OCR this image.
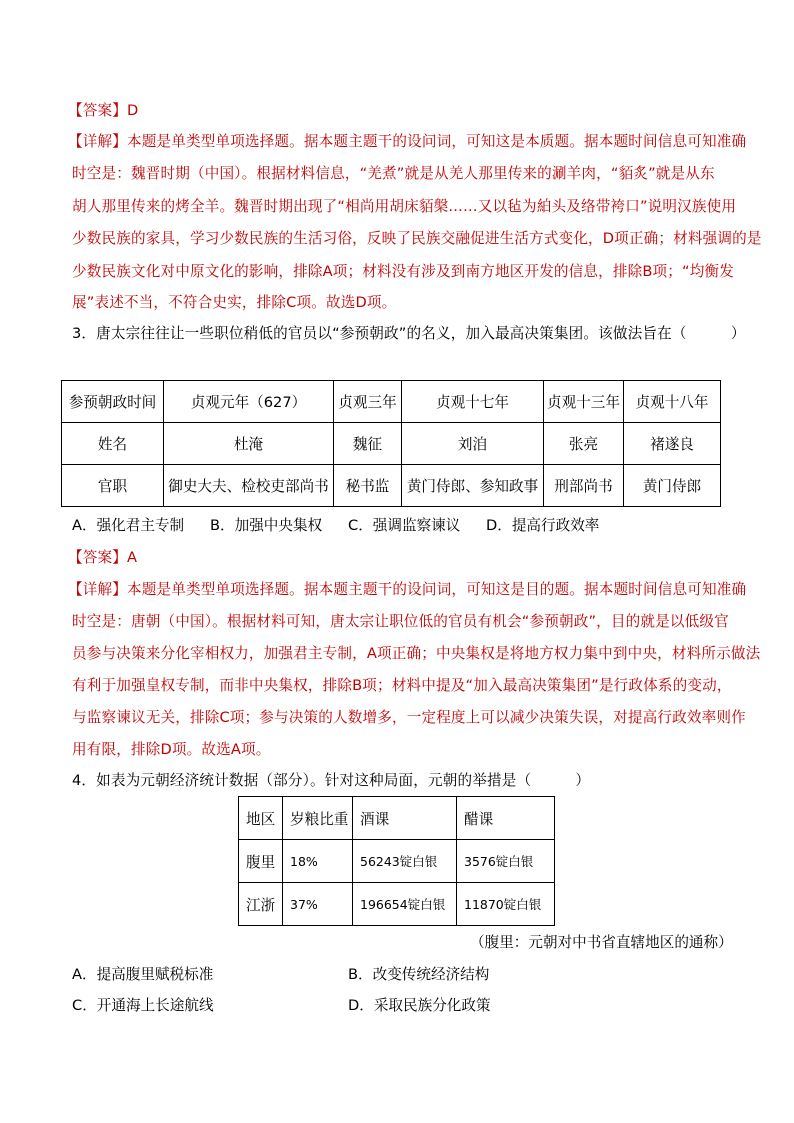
【答案】D
【详解】本题是单类型单项选择题。据本题主题干的设问词，可知这是本质题。据本题时间信息可知准确
时空是：魏晋时期（中国）。根据材料信息，“羌煮”就是从羌人那里传来的涮羊肉，“貊炙”就是从东
胡人那里传来的烤全羊。魏晋时期出现了“相尚用胡床貊槃……又以毡为絈头及络带袴口”说明汉族使用
少数民族的家具，学习少数民族的生活习俗，反映了民族交融促进生活方式变化，D项正确；材料强调的是
少数民族文化对中原文化的影响，排除A项；材料没有涉及到南方地区开发的信息，排除B项；“均衡发
展”表述不当，不符合史实，排除C项。故选D项。
3．唐太宗往往让一些职位稍低的官员以“参预朝政”的名义，加入最高决策集团。该做法旨在（　　　）
参预朝政时间	贞观元年（627）	贞观三年	贞观十七年	贞观十三年	贞观十八年
姓名	杜淹	魏征	刘洎	张亮	褚遂良
官职	御史大夫、检校吏部尚书	秘书监	黄门侍郎、参知政事	刑部尚书	黄门侍郎
A．强化君主专制 B．加强中央集权 C．强调监察谏议 D．提高行政效率
【答案】A
【详解】本题是单类型单项选择题。据本题主题干的设问词，可知这是目的题。据本题时间信息可知准确
时空是：唐朝（中国）。根据材料可知，唐太宗让职位低的官员有机会“参预朝政”，目的就是以低级官
员参与决策来分化宰相权力，加强君主专制，A项正确；中央集权是将地方权力集中到中央，材料所示做法
有利于加强皇权专制，而非中央集权，排除B项；材料中提及“加入最高决策集团”是行政体系的变动，
与监察谏议无关，排除C项；参与决策的人数增多，一定程度上可以减少决策失误，对提高行政效率则作
用有限，排除D项。故选A项。
4．如表为元朝经济统计数据（部分）。针对这种局面，元朝的举措是（　　　）
地区	岁粮比重	酒课	醋课
腹里	18%	56243锭白银	3576锭白银
江浙	37%	196654锭白银	11870锭白银
（腹里：元朝对中书省直辖地区的通称）
A．提高腹里赋税标准	B．改变传统经济结构
C．开通海上长途航线	D．采取民族分化政策
